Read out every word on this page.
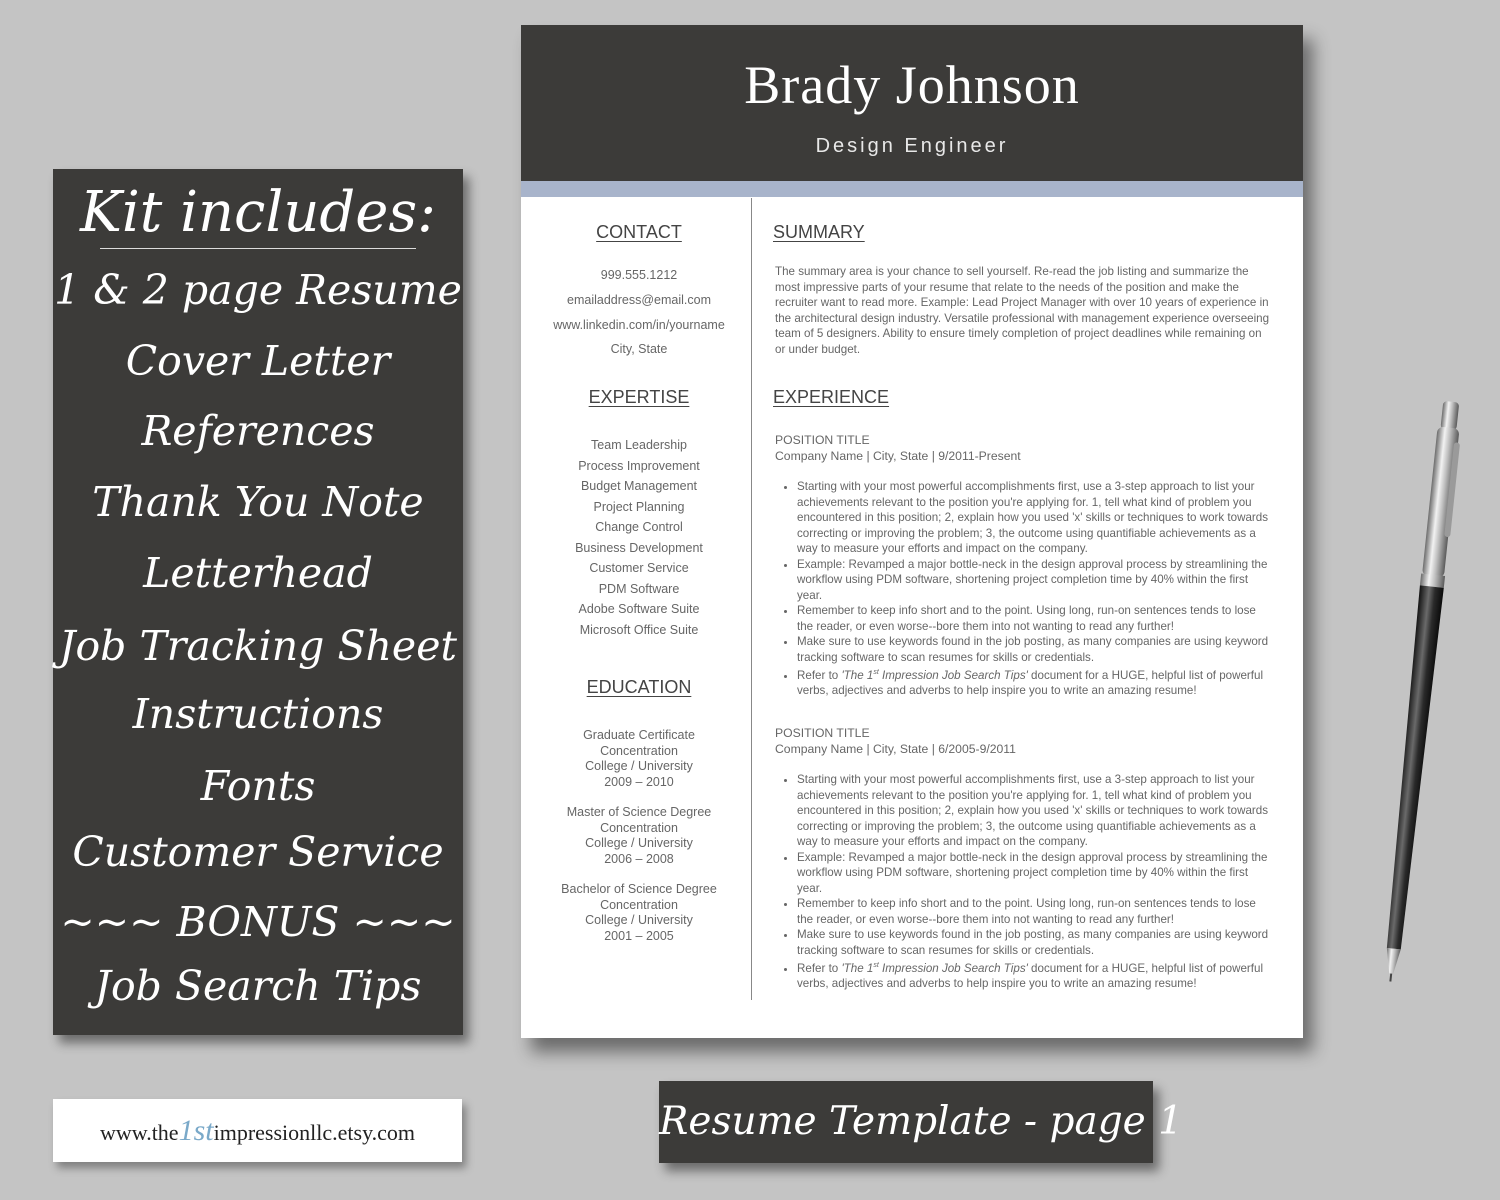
Kit includes:
1 & 2 page Resume
Cover Letter
References
Thank You Note
Letterhead
Job Tracking Sheet
Instructions
Fonts
Customer Service
~~~ BONUS ~~~
Job Search Tips
www.the1stimpressionllc.etsy.com
Brady Johnson
Design Engineer
CONTACT
999.555.1212
emailaddress@email.com
www.linkedin.com/in/yourname
City, State
EXPERTISE
Team Leadership
Process Improvement
Budget Management
Project Planning
Change Control
Business Development
Customer Service
PDM Software
Adobe Software Suite
Microsoft Office Suite
EDUCATION
Graduate Certificate
Concentration
College / University
2009 – 2010
Master of Science Degree
Concentration
College / University
2006 – 2008
Bachelor of Science Degree
Concentration
College / University
2001 – 2005
SUMMARY
The summary area is your chance to sell yourself. Re-read the job listing and summarize the most impressive parts of your resume that relate to the needs of the position and make the recruiter want to read more. Example: Lead Project Manager with over 10 years of experience in the architectural design industry. Versatile professional with management experience overseeing team of 5 designers. Ability to ensure timely completion of project deadlines while remaining on or under budget.
EXPERIENCE
POSITION TITLE
Company Name | City, State | 9/2011-Present
• Starting with your most powerful accomplishments first, use a 3-step approach to list your achievements relevant to the position you're applying for. 1, tell what kind of problem you encountered in this position; 2, explain how you used 'x' skills or techniques to work towards correcting or improving the problem; 3, the outcome using quantifiable achievements as a way to measure your efforts and impact on the company.
• Example: Revamped a major bottle-neck in the design approval process by streamlining the workflow using PDM software, shortening project completion time by 40% within the first year.
• Remember to keep info short and to the point. Using long, run-on sentences tends to lose the reader, or even worse--bore them into not wanting to read any further!
• Make sure to use keywords found in the job posting, as many companies are using keyword tracking software to scan resumes for skills or credentials.
• Refer to 'The 1st Impression Job Search Tips' document for a HUGE, helpful list of powerful verbs, adjectives and adverbs to help inspire you to write an amazing resume!
POSITION TITLE
Company Name | City, State | 6/2005-9/2011
• Starting with your most powerful accomplishments first, use a 3-step approach to list your achievements relevant to the position you're applying for. 1, tell what kind of problem you encountered in this position; 2, explain how you used 'x' skills or techniques to work towards correcting or improving the problem; 3, the outcome using quantifiable achievements as a way to measure your efforts and impact on the company.
• Example: Revamped a major bottle-neck in the design approval process by streamlining the workflow using PDM software, shortening project completion time by 40% within the first year.
• Remember to keep info short and to the point. Using long, run-on sentences tends to lose the reader, or even worse--bore them into not wanting to read any further!
• Make sure to use keywords found in the job posting, as many companies are using keyword tracking software to scan resumes for skills or credentials.
• Refer to 'The 1st Impression Job Search Tips' document for a HUGE, helpful list of powerful verbs, adjectives and adverbs to help inspire you to write an amazing resume!
Resume Template - page 1
